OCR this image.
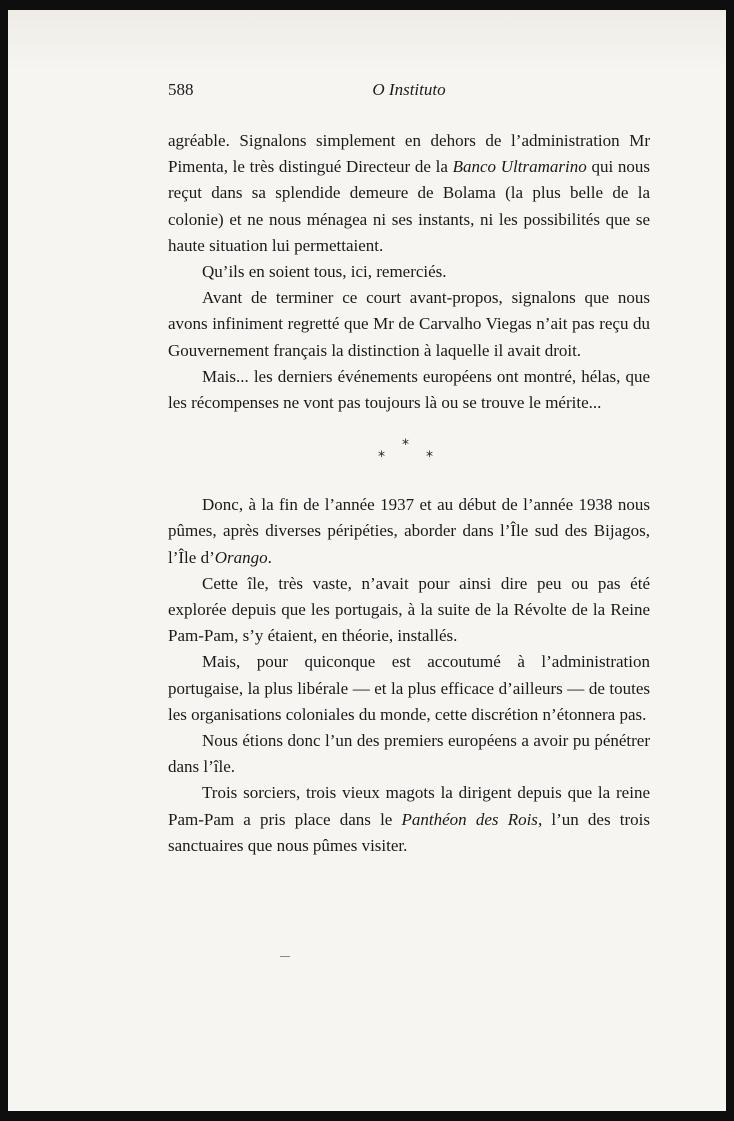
588	O Instituto

agréable. Signalons simplement en dehors de l’administration Mr Pimenta, le très distingué Directeur de la Banco Ultramarino qui nous reçut dans sa splendide demeure de Bolama (la plus belle de la colonie) et ne nous ménagea ni ses instants, ni les possibilités que se haute situation lui permettaient.

Qu’ils en soient tous, ici, remerciés.

Avant de terminer ce court avant-propos, signalons que nous avons infiniment regretté que Mr de Carvalho Viegas n’ait pas reçu du Gouvernement français la distinction à laquelle il avait droit.

Mais... les derniers événements européens ont montré, hélas, que les récompenses ne vont pas toujours là ou se trouve le mérite...

*
*
*

Donc, à la fin de l’année 1937 et au début de l’année 1938 nous pûmes, après diverses péripéties, aborder dans l’Île sud des Bijagos, l’Île d’Orango.

Cette île, très vaste, n’avait pour ainsi dire peu ou pas été explorée depuis que les portugais, à la suite de la Révolte de la Reine Pam-Pam, s’y étaient, en théorie, installés.

Mais, pour quiconque est accoutumé à l’administration portugaise, la plus libérale — et la plus efficace d’ailleurs — de toutes les organisations coloniales du monde, cette discrétion n’étonnera pas.

Nous étions donc l’un des premiers européens a avoir pu pénétrer dans l’île.

Trois sorciers, trois vieux magots la dirigent depuis que la reine Pam-Pam a pris place dans le Panthéon des Rois, l’un des trois sanctuaires que nous pûmes visiter.
